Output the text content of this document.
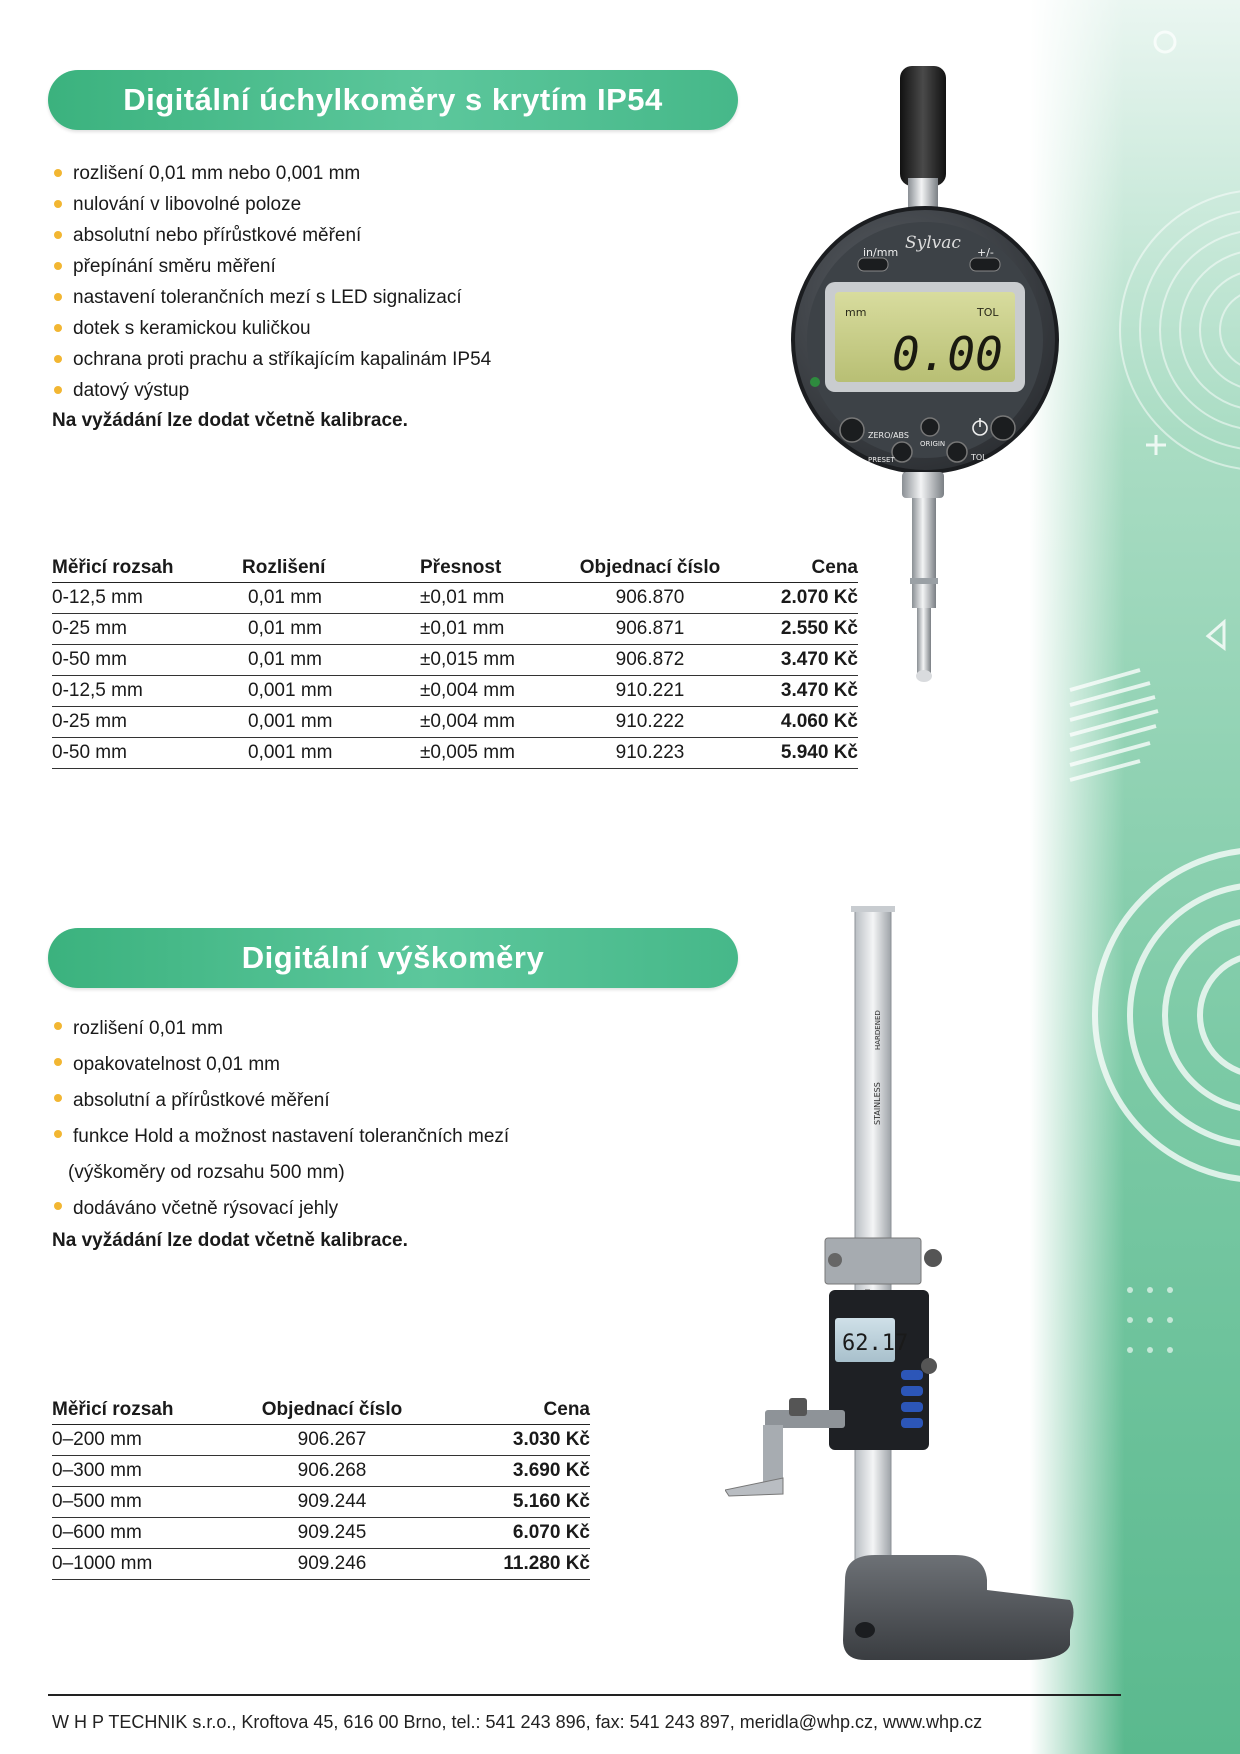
Digitální úchylkoměry s krytím IP54
rozlišení 0,01 mm nebo 0,001 mm
nulování v libovolné poloze
absolutní nebo přírůstkové měření
přepínání směru měření
nastavení tolerančních mezí s LED signalizací
dotek s keramickou kuličkou
ochrana proti prachu a stříkajícím kapalinám IP54
datový výstup
Na vyžádání lze dodat včetně kalibrace.
Měřicí rozsah	Rozlišení	Přesnost	Objednací číslo	Cena
0-12,5 mm	0,01 mm	±0,01 mm	906.870	2.070 Kč
0-25 mm	0,01 mm	±0,01 mm	906.871	2.550 Kč
0-50 mm	0,01 mm	±0,015 mm	906.872	3.470 Kč
0-12,5 mm	0,001 mm	±0,004 mm	910.221	3.470 Kč
0-25 mm	0,001 mm	±0,004 mm	910.222	4.060 Kč
0-50 mm	0,001 mm	±0,005 mm	910.223	5.940 Kč
in/mm	+/-
Sylvac
mm	TOL
0.00
ZERO/ABS
PRESET
ORIGIN
TOL
Digitální výškoměry
rozlišení 0,01 mm
opakovatelnost 0,01 mm
absolutní a přírůstkové měření
funkce Hold a možnost nastavení tolerančních mezí
(výškoměry od rozsahu 500 mm)
dodáváno včetně rýsovací jehly
Na vyžádání lze dodat včetně kalibrace.
Měřicí rozsah	Objednací číslo	Cena
0–200 mm	906.267	3.030 Kč
0–300 mm	906.268	3.690 Kč
0–500 mm	909.244	5.160 Kč
0–600 mm	909.245	6.070 Kč
0–1000 mm	909.246	11.280 Kč
STAINLESS
HARDENED
62.17
W H P TECHNIK s.r.o., Kroftova 45, 616 00 Brno, tel.: 541 243 896, fax: 541 243 897, meridla@whp.cz, www.whp.cz
